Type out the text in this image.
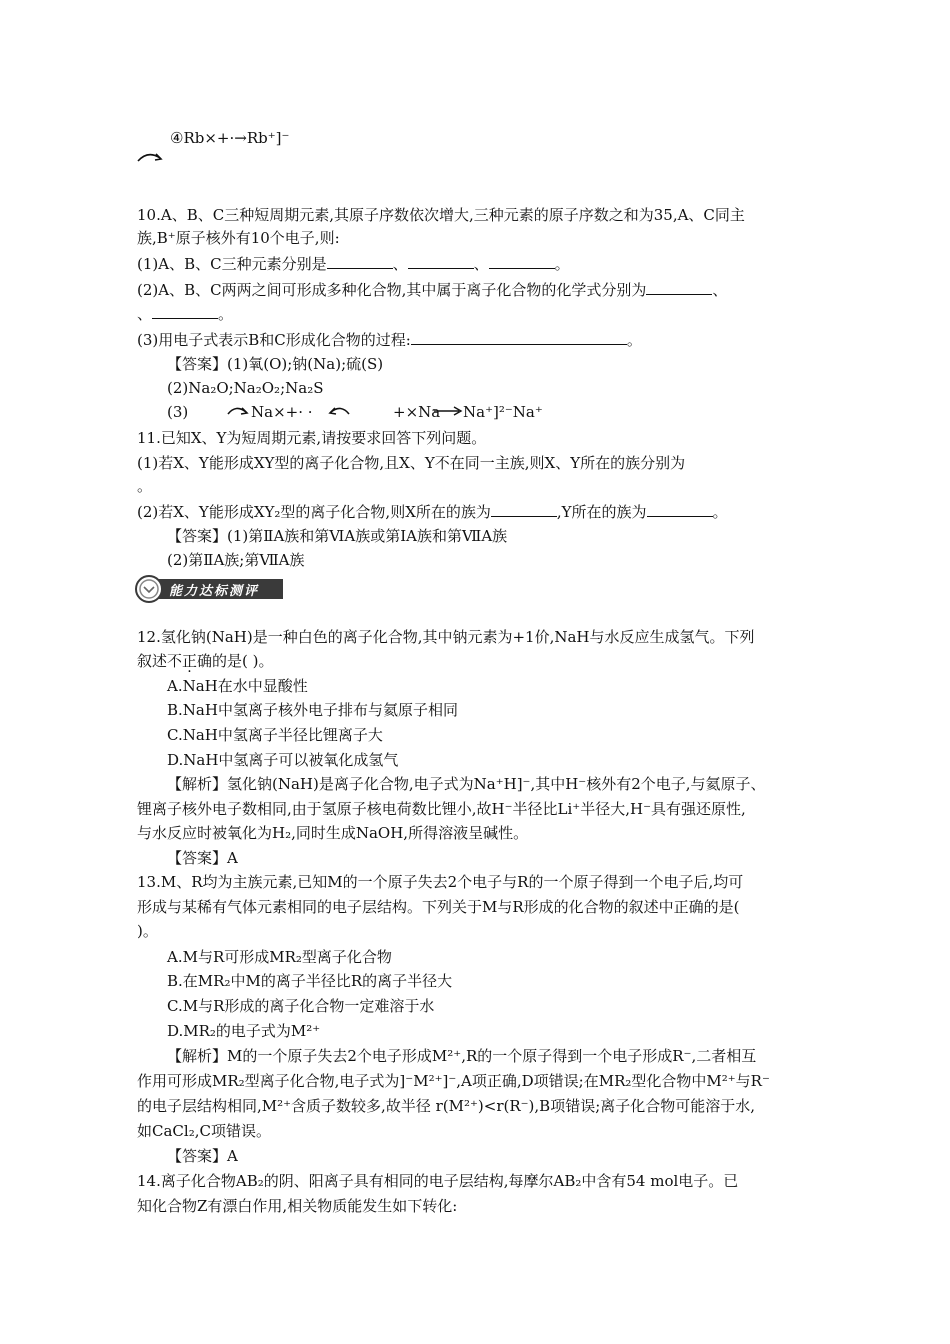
④Rb×+·→Rb⁺]⁻
10.A、B、C三种短周期元素,其原子序数依次增大,三种元素的原子序数之和为35,A、C同主
族,B⁺原子核外有10个电子,则:
(1)A、B、C三种元素分别是	、	、	。
(2)A、B、C两两之间可形成多种化合物,其中属于离子化合物的化学式分别为	、
、	。
(3)用电子式表示B和C形成化合物的过程:	。
【答案】(1)氧(O);钠(Na);硫(S)
(2)Na₂O;Na₂O₂;Na₂S
(3)	Na×+· ·	+×Na → Na⁺]²⁻Na⁺
11.已知X、Y为短周期元素,请按要求回答下列问题。
(1)若X、Y能形成XY型的离子化合物,且X、Y不在同一主族,则X、Y所在的族分别为
。
(2)若X、Y能形成XY₂型的离子化合物,则X所在的族为	,Y所在的族为	。
【答案】(1)第ⅡA族和第ⅥA族或第ⅠA族和第ⅦA族
(2)第ⅡA族;第ⅦA族
能力达标测评
12.氢化钠(NaH)是一种白色的离子化合物,其中钠元素为+1价,NaH与水反应生成氢气。下列
叙述不正确的是( )。
A.NaH在水中显酸性
B.NaH中氢离子核外电子排布与氦原子相同
C.NaH中氢离子半径比锂离子大
D.NaH中氢离子可以被氧化成氢气
【解析】氢化钠(NaH)是离子化合物,电子式为Na⁺H]⁻,其中H⁻核外有2个电子,与氦原子、
锂离子核外电子数相同,由于氢原子核电荷数比锂小,故H⁻半径比Li⁺半径大,H⁻具有强还原性,
与水反应时被氧化为H₂,同时生成NaOH,所得溶液呈碱性。
【答案】A
13.M、R均为主族元素,已知M的一个原子失去2个电子与R的一个原子得到一个电子后,均可
形成与某稀有气体元素相同的电子层结构。下列关于M与R形成的化合物的叙述中正确的是(
)。
A.M与R可形成MR₂型离子化合物
B.在MR₂中M的离子半径比R的离子半径大
C.M与R形成的离子化合物一定难溶于水
D.MR₂的电子式为M²⁺
【解析】M的一个原子失去2个电子形成M²⁺,R的一个原子得到一个电子形成R⁻,二者相互
作用可形成MR₂型离子化合物,电子式为]⁻M²⁺]⁻,A项正确,D项错误;在MR₂型化合物中M²⁺与R⁻
的电子层结构相同,M²⁺含质子数较多,故半径 r(M²⁺)<r(R⁻),B项错误;离子化合物可能溶于水,
如CaCl₂,C项错误。
【答案】A
14.离子化合物AB₂的阴、阳离子具有相同的电子层结构,每摩尔AB₂中含有54 mol电子。已
知化合物Z有漂白作用,相关物质能发生如下转化:
